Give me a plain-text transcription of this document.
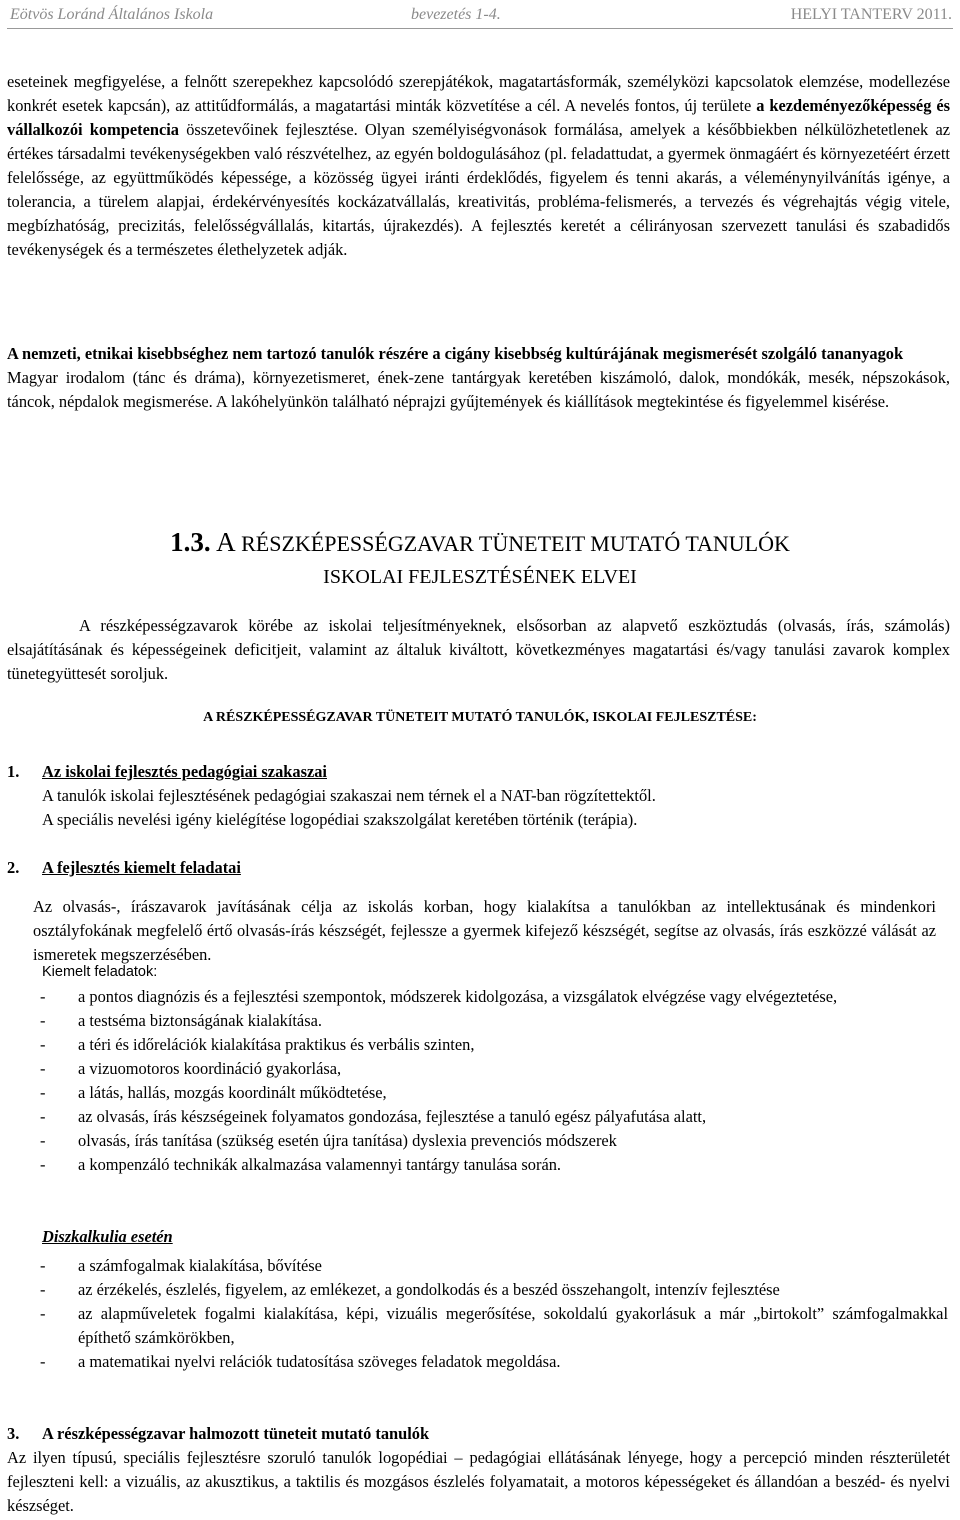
Eötvös Loránd Általános Iskola	bevezetés 1-4.	HELYI TANTERV 2011.

eseteinek megfigyelése, a felnőtt szerepekhez kapcsolódó szerepjátékok, magatartásformák, személyközi kapcsolatok elemzése, modellezése konkrét esetek kapcsán), az attitűdformálás, a magatartási minták közvetítése a cél. A nevelés fontos, új területe a kezdeményezőképesség és vállalkozói kompetencia összetevőinek fejlesztése. Olyan személyiségvonások formálása, amelyek a későbbiekben nélkülözhetetlenek az értékes társadalmi tevékenységekben való részvételhez, az egyén boldogulásához (pl. feladattudat, a gyermek önmagáért és környezetéért érzett felelőssége, az együttműködés képessége, a közösség ügyei iránti érdeklődés, figyelem és tenni akarás, a véleménynyilvánítás igénye, a tolerancia, a türelem alapjai, érdekérvényesítés kockázatvállalás, kreativitás, probléma-felismerés, a tervezés és végrehajtás végig vitele, megbízhatóság, precizitás, felelősségvállalás, kitartás, újrakezdés). A fejlesztés keretét a célirányosan szervezett tanulási és szabadidős tevékenységek és a természetes élethelyzetek adják.

A nemzeti, etnikai kisebbséghez nem tartozó tanulók részére a cigány kisebbség kultúrájának megismerését szolgáló tananyagok

Magyar irodalom (tánc és dráma), környezetismeret, ének-zene tantárgyak keretében kiszámoló, dalok, mondókák, mesék, népszokások, táncok, népdalok megismerése. A lakóhelyünkön található néprajzi gyűjtemények és kiállítások megtekintése és figyelemmel kisérése.

1.3. A RÉSZKÉPESSÉGZAVAR TÜNETEIT MUTATÓ TANULÓK
ISKOLAI FEJLESZTÉSÉNEK ELVEI

A részképességzavarok körébe az iskolai teljesítményeknek, elsősorban az alapvető eszköztudás (olvasás, írás, számolás) elsajátításának és képességeinek deficitjeit, valamint az általuk kiváltott, következményes magatartási és/vagy tanulási zavarok komplex tünetegyüttesét soroljuk.

A RÉSZKÉPESSÉGZAVAR TÜNETEIT MUTATÓ TANULÓK, ISKOLAI FEJLESZTÉSE:
1. Az iskolai fejlesztés pedagógiai szakaszai
A tanulók iskolai fejlesztésének pedagógiai szakaszai nem térnek el a NAT-ban rögzítettektől.
A speciális nevelési igény kielégítése logopédiai szakszolgálat keretében történik (terápia).
2. A fejlesztés kiemelt feladatai

Az olvasás-, írászavarok javításának célja az iskolás korban, hogy kialakítsa a tanulókban az intellektusának és mindenkori osztályfokának megfelelő értő olvasás-írás készségét, fejlessze a gyermek kifejező készségét, segítse az olvasás, írás eszközzé válását az ismeretek megszerzésében.

Kiemelt feladatok:
- a pontos diagnózis és a fejlesztési szempontok, módszerek kidolgozása, a vizsgálatok elvégzése vagy elvégeztetése,
- a testséma biztonságának kialakítása.
- a téri és időrelációk kialakítása praktikus és verbális szinten,
- a vizuomotoros koordináció gyakorlása,
- a látás, hallás, mozgás koordinált működtetése,
- az olvasás, írás készségeinek folyamatos gondozása, fejlesztése a tanuló egész pályafutása alatt,
- olvasás, írás tanítása (szükség esetén újra tanítása) dyslexia prevenciós módszerek
- a kompenzáló technikák alkalmazása valamennyi tantárgy tanulása során.
Diszkalkulia esetén
- a számfogalmak kialakítása, bővítése
- az érzékelés, észlelés, figyelem, az emlékezet, a gondolkodás és a beszéd összehangolt, intenzív fejlesztése
- az alapműveletek fogalmi kialakítása, képi, vizuális megerősítése, sokoldalú gyakorlásuk a már „birtokolt” számfogalmakkal építhető számkörökben,
- a matematikai nyelvi relációk tudatosítása szöveges feladatok megoldása.
3. A részképességzavar halmozott tüneteit mutató tanulók

Az ilyen típusú, speciális fejlesztésre szoruló tanulók logopédiai – pedagógiai ellátásának lényege, hogy a percepció minden részterületét fejleszteni kell: a vizuális, az akusztikus, a taktilis és mozgásos észlelés folyamatait, a motoros képességeket és állandóan a beszéd- és nyelvi készséget.
